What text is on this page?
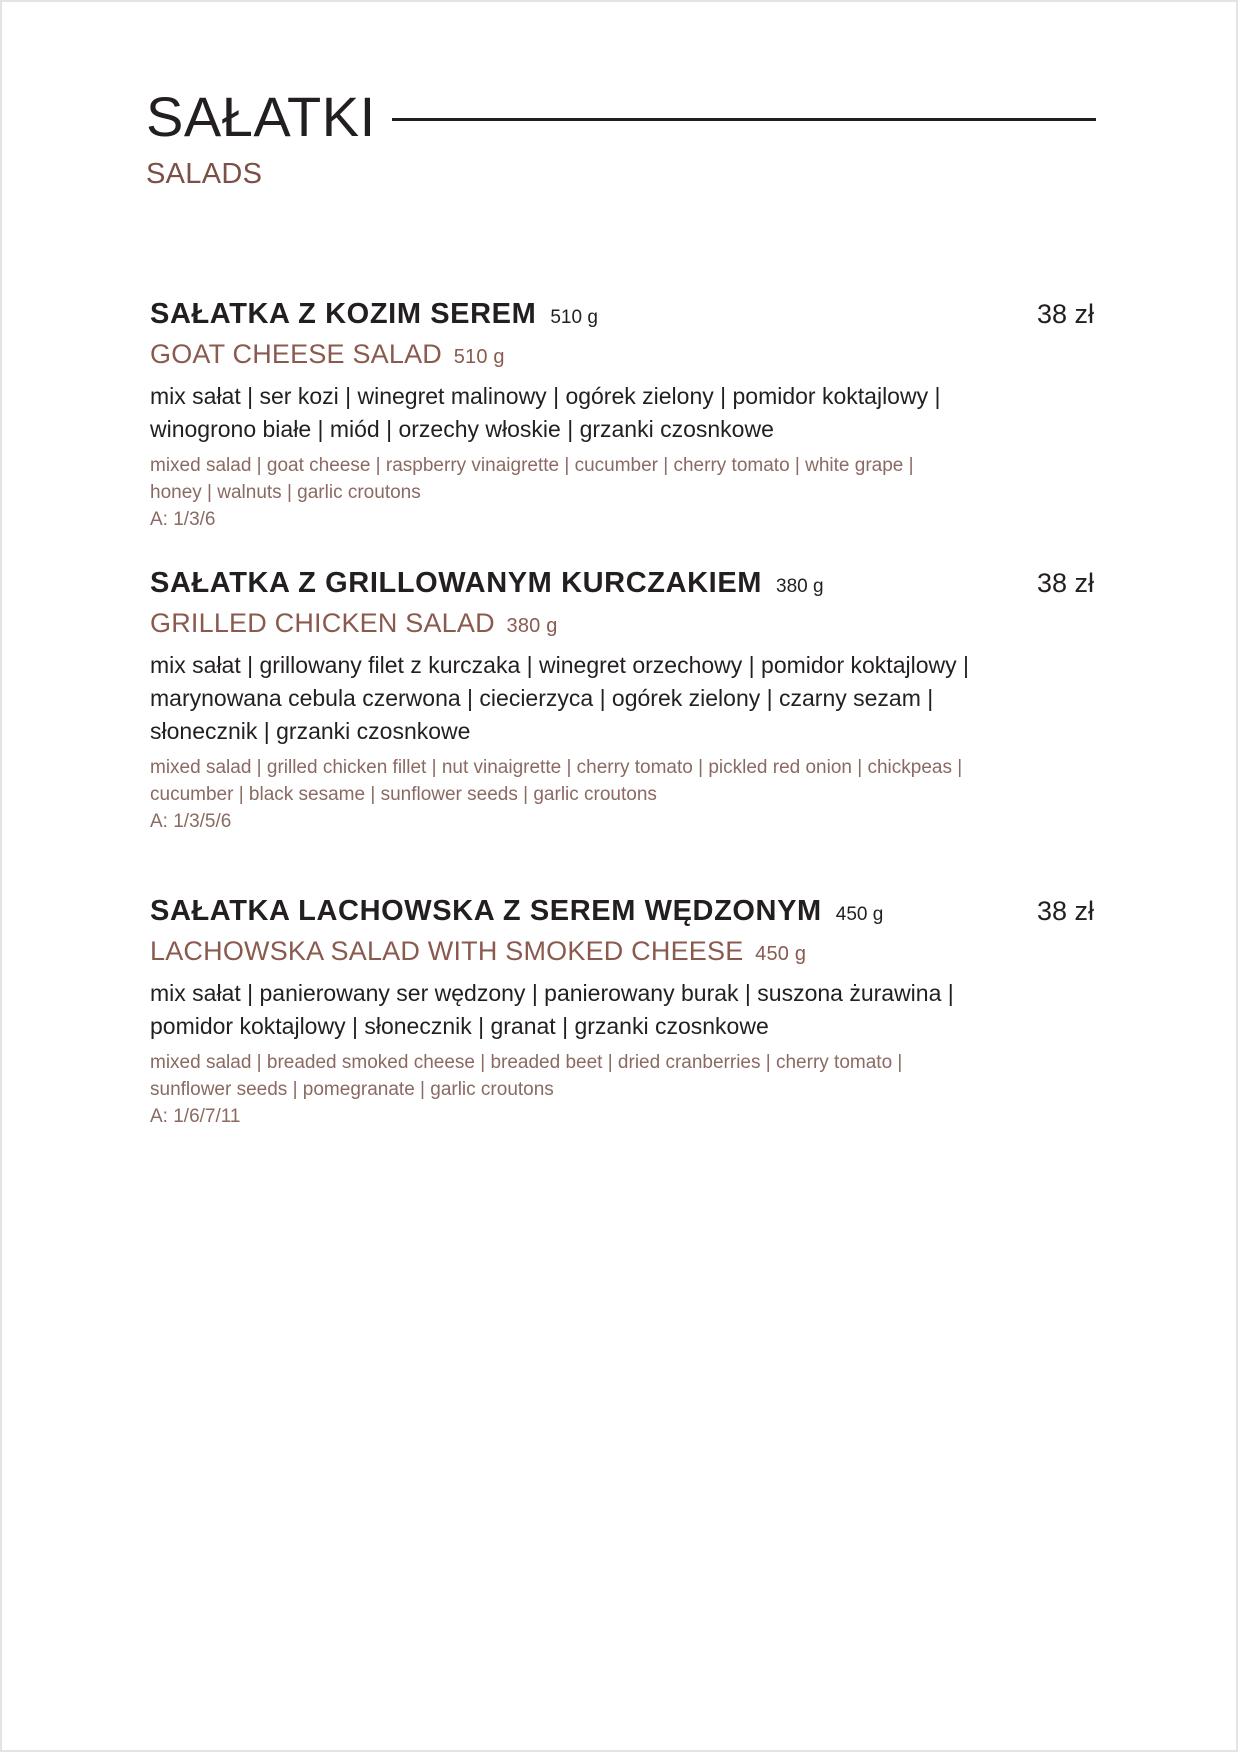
SAŁATKI
SALADS
SAŁATKA Z KOZIM SEREM 510 g	38 zł
GOAT CHEESE SALAD 510 g
mix sałat | ser kozi | winegret malinowy | ogórek zielony | pomidor koktajlowy | winogrono białe | miód | orzechy włoskie | grzanki czosnkowe
mixed salad | goat cheese | raspberry vinaigrette | cucumber | cherry tomato | white grape | honey | walnuts | garlic croutons
A: 1/3/6
SAŁATKA Z GRILLOWANYM KURCZAKIEM 380 g	38 zł
GRILLED CHICKEN SALAD 380 g
mix sałat | grillowany filet z kurczaka | winegret orzechowy | pomidor koktajlowy | marynowana cebula czerwona | ciecierzyca | ogórek zielony | czarny sezam | słonecznik | grzanki czosnkowe
mixed salad | grilled chicken fillet | nut vinaigrette | cherry tomato | pickled red onion | chickpeas | cucumber | black sesame | sunflower seeds | garlic croutons
A: 1/3/5/6
SAŁATKA LACHOWSKA Z SEREM WĘDZONYM 450 g	38 zł
LACHOWSKA SALAD WITH SMOKED CHEESE 450 g
mix sałat | panierowany ser wędzony | panierowany burak | suszona żurawina | pomidor koktajlowy | słonecznik | granat | grzanki czosnkowe
mixed salad | breaded smoked cheese | breaded beet | dried cranberries | cherry tomato | sunflower seeds | pomegranate | garlic croutons
A: 1/6/7/11
